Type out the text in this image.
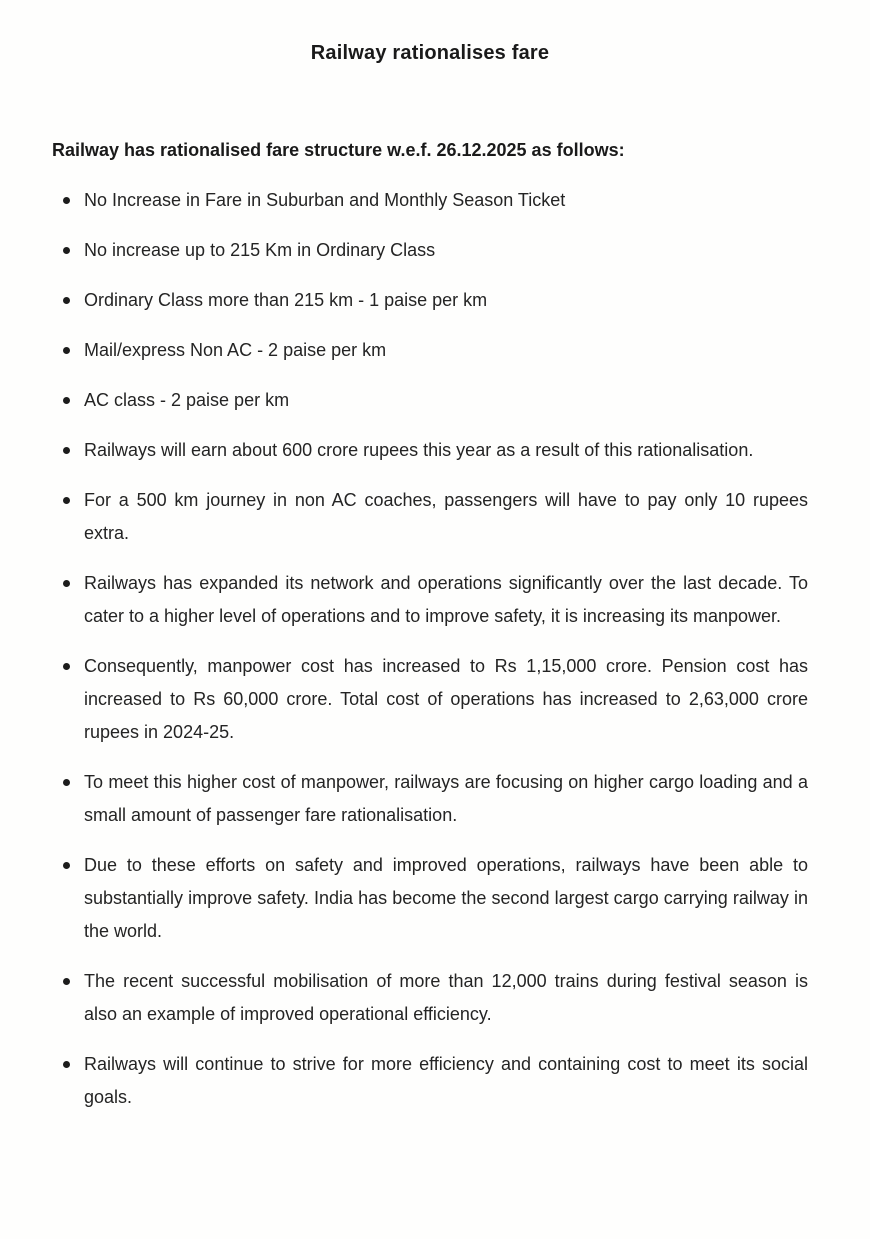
Railway rationalises fare
Railway has rationalised fare structure w.e.f. 26.12.2025 as follows:
No Increase in Fare in Suburban and Monthly Season Ticket
No increase up to 215 Km in Ordinary Class
Ordinary Class more than 215 km - 1 paise per km
Mail/express Non AC - 2 paise per km
AC class - 2 paise per km
Railways will earn about 600 crore rupees this year as a result of this rationalisation.
For a 500 km journey in non AC coaches, passengers will have to pay only 10 rupees extra.
Railways has expanded its network and operations significantly over the last decade. To cater to a higher level of operations and to improve safety, it is increasing its manpower.
Consequently, manpower cost has increased to Rs 1,15,000 crore. Pension cost has increased to Rs 60,000 crore. Total cost of operations has increased to 2,63,000 crore rupees in 2024-25.
To meet this higher cost of manpower, railways are focusing on higher cargo loading and a small amount of passenger fare rationalisation.
Due to these efforts on safety and improved operations, railways have been able to substantially improve safety. India has become the second largest cargo carrying railway in the world.
The recent successful mobilisation of more than 12,000 trains during festival season is also an example of improved operational efficiency.
Railways will continue to strive for more efficiency and containing cost to meet its social goals.
